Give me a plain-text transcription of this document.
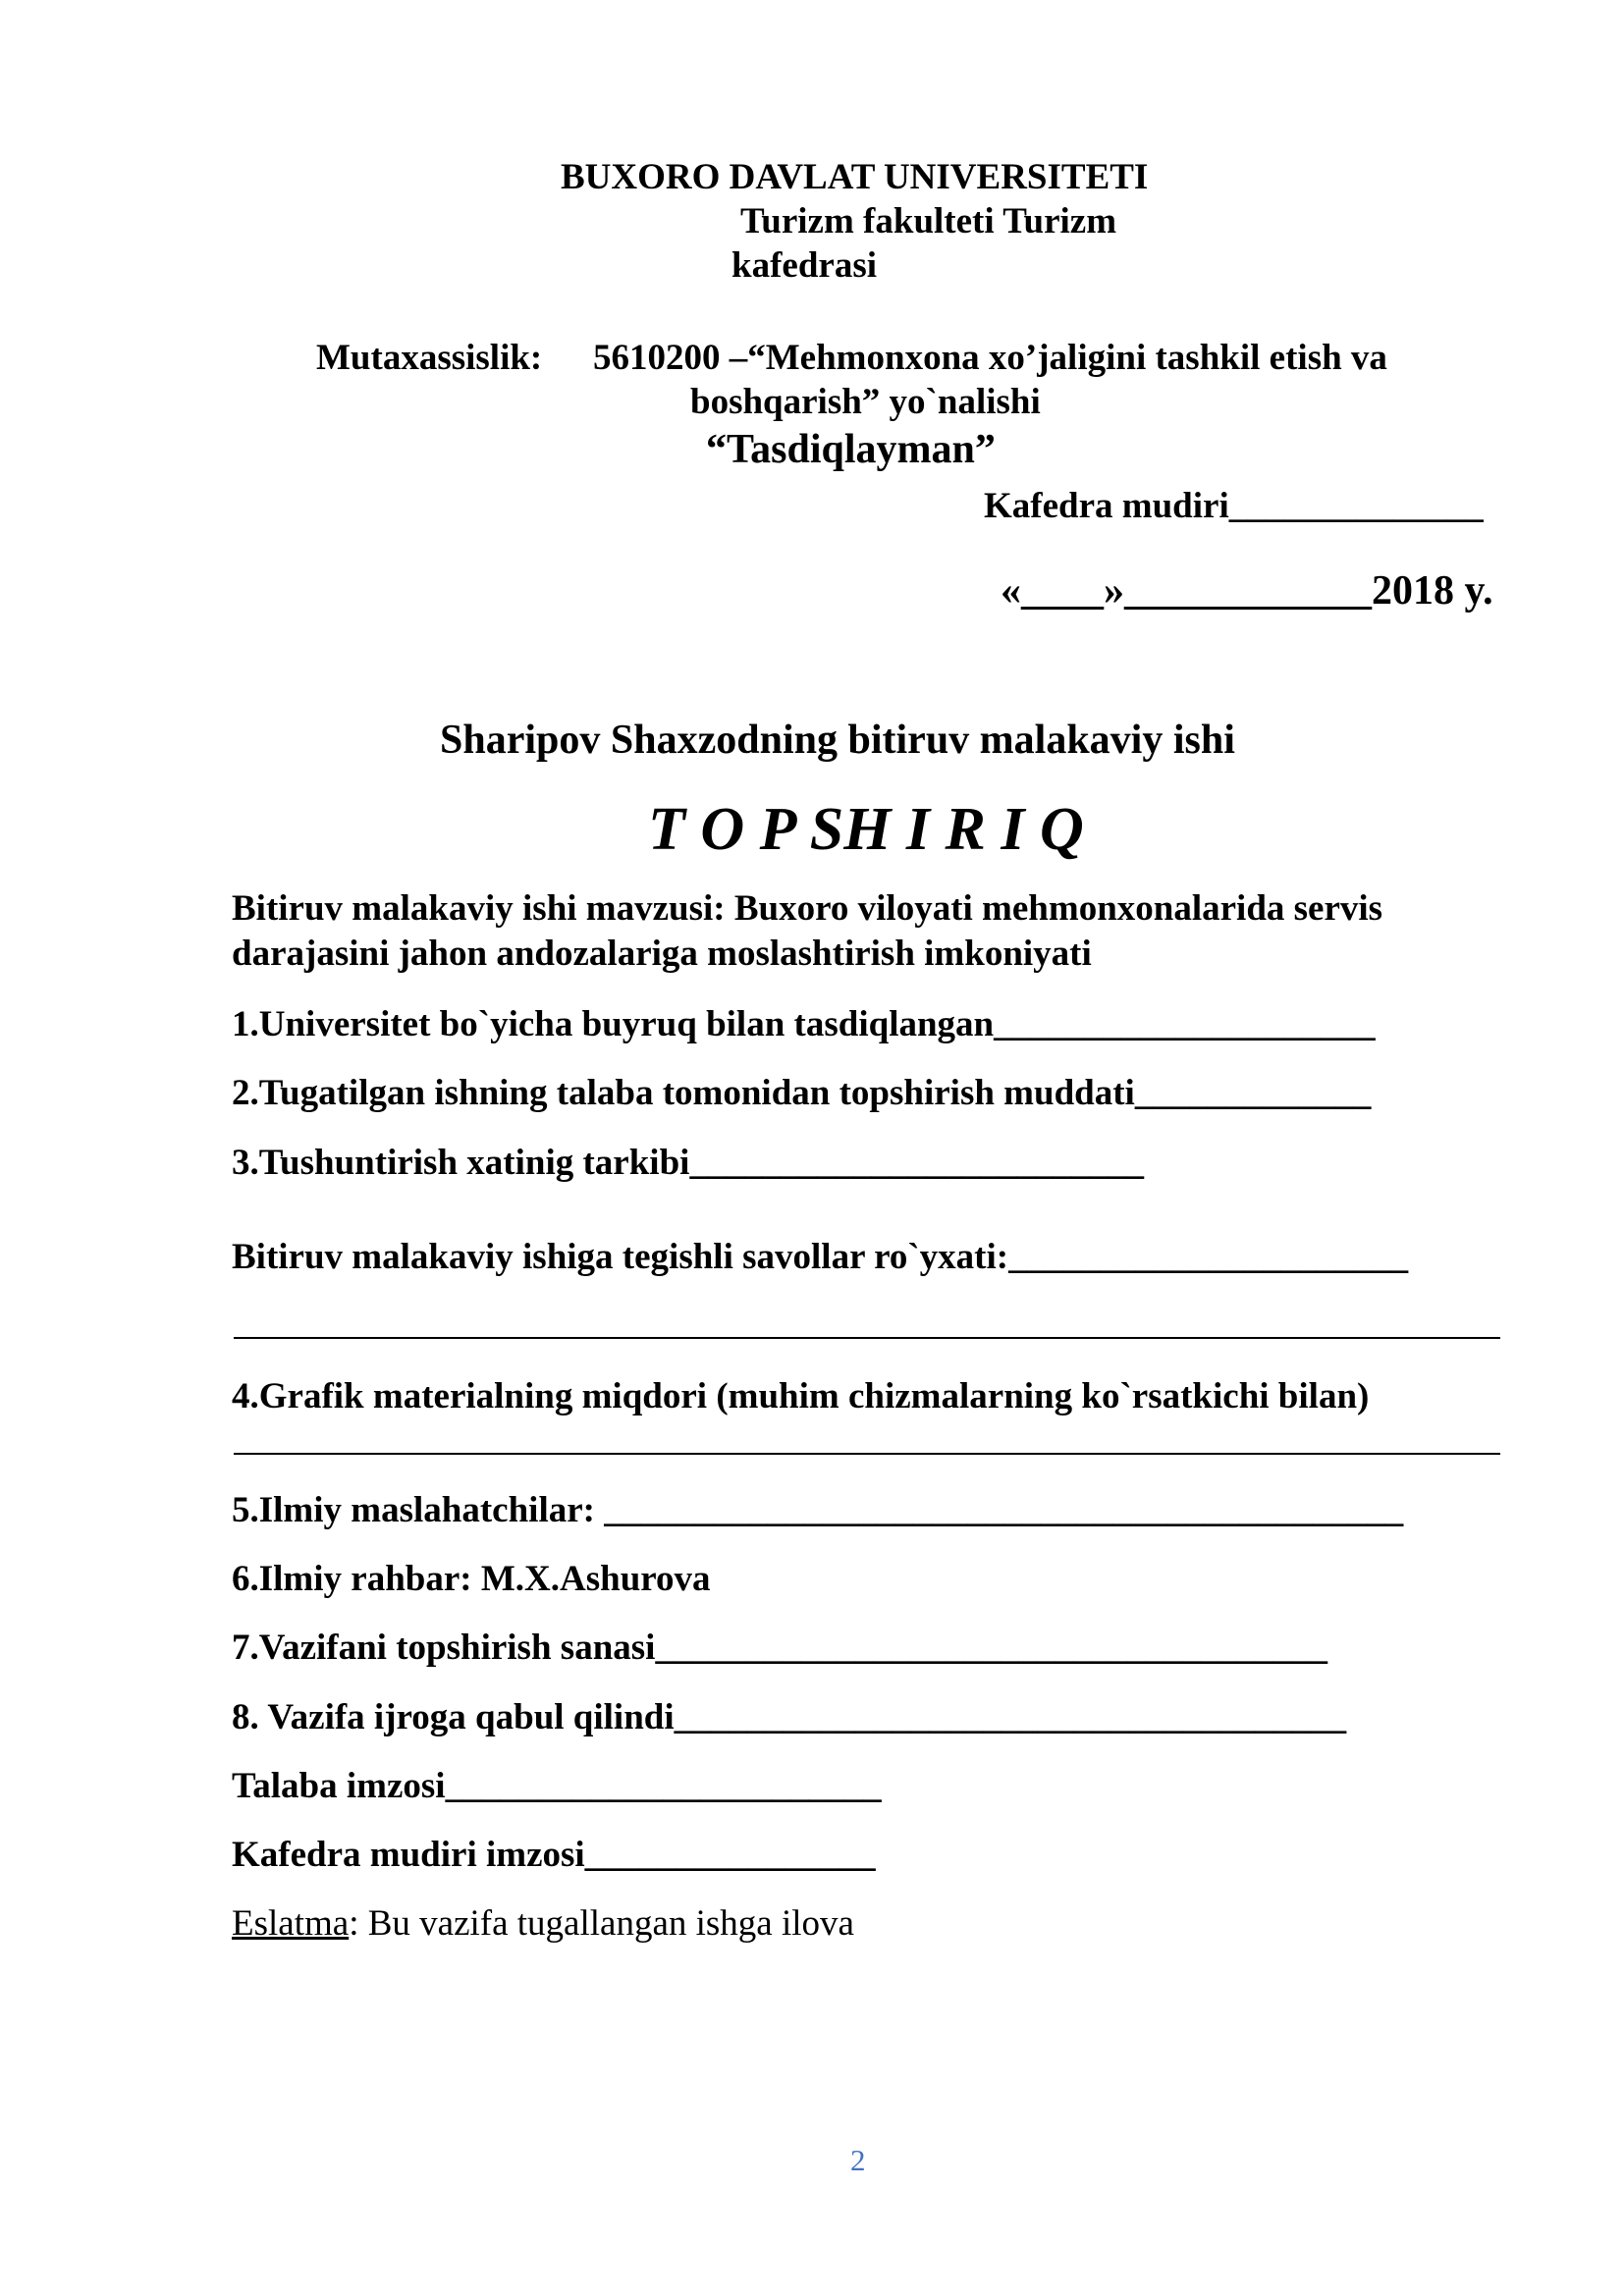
BUXORO DAVLAT UNIVERSITETI
Turizm fakulteti Turizm
kafedrasi
Mutaxassislik: 5610200 –“Mehmonxona xo’jaligini tashkil etish va
boshqarish” yo`nalishi
“Tasdiqlayman”
Kafedra mudiri______________
«____»____________2018 y.
Sharipov Shaxzodning bitiruv malakaviy ishi
T O P SH I R I Q
Bitiruv malakaviy ishi mavzusi: Buxoro viloyati mehmonxonalarida servis
darajasini jahon andozalariga moslashtirish imkoniyati
1.Universitet bo`yicha buyruq bilan tasdiqlangan_____________________
2.Tugatilgan ishning talaba tomonidan topshirish muddati_____________
3.Tushuntirish xatinig tarkibi_________________________
Bitiruv malakaviy ishiga tegishli savollar ro`yxati:______________________
4.Grafik materialning miqdori (muhim chizmalarning ko`rsatkichi bilan)
5.Ilmiy maslahatchilar: ____________________________________________
6.Ilmiy rahbar: M.X.Ashurova
7.Vazifani topshirish sanasi_____________________________________
8. Vazifa ijroga qabul qilindi_____________________________________
Talaba imzosi________________________
Kafedra mudiri imzosi________________
Eslatma: Bu vazifa tugallangan ishga ilova
2
